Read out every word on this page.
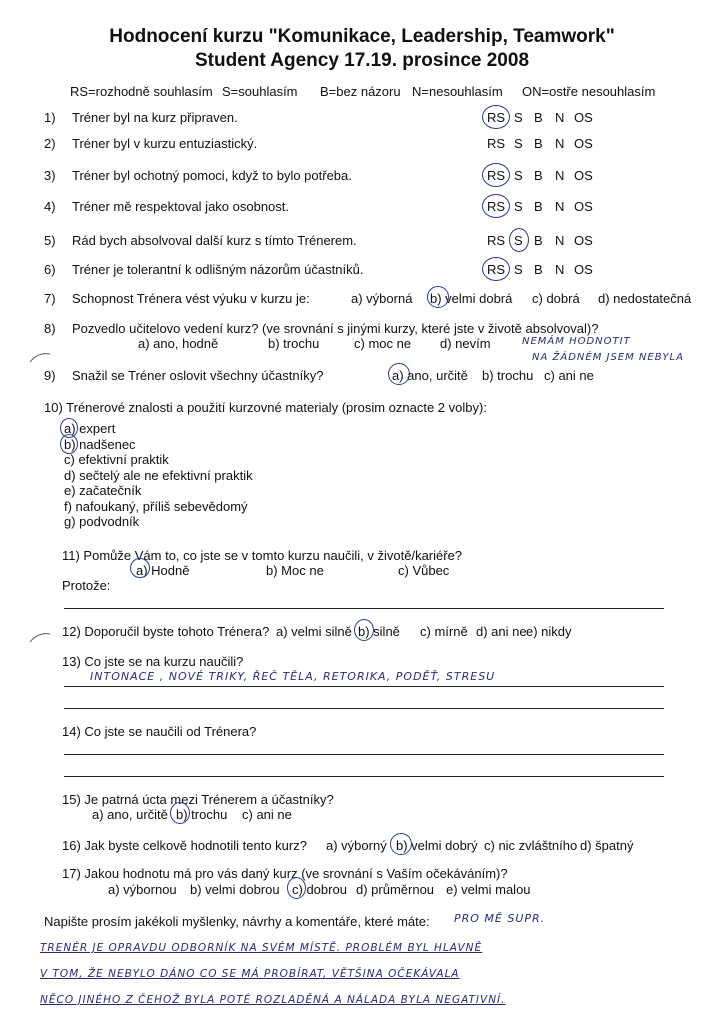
Hodnocení kurzu "Komunikace, Leadership, Teamwork"
Student Agency 17.19. prosince 2008
RS=rozhodně souhlasím S=souhlasím B=bez názoru N=nesouhlasím ON=ostře nesouhlasím
1) Tréner byl na kurz připraven.	RS S B N OS
2) Tréner byl v kurzu entuziastický.	RS S B N OS
3) Tréner byl ochotný pomoci, když to bylo potřeba.	RS S B N OS
4) Tréner mě respektoval jako osobnost.	RS S B N OS
5) Rád bych absolvoval další kurz s tímto Trénerem.	RS S B N OS
6) Tréner je tolerantní k odlišným názorům účastníků.	RS S B N OS
7) Schopnost Trénera vést výuku v kurzu je:	a) výborná b) velmi dobrá c) dobrá d) nedostatečná
8) Pozvedlo učitelovo vedení kurz? (ve srovnání s jinými kurzy, které jste v životě absolvoval)?
a) ano, hodně	b) trochu	c) moc ne d) nevím	NEMÁM HODNOTIT
NA ŽÁDNÉM JSEM NEBYLA
9) Snažil se Tréner oslovit všechny účastníky?	a) ano, určitě b) trochu c) ani ne
10) Trénerové znalosti a použití kurzovné materialy (prosim oznacte 2 volby):
a) expert
b) nadšenec
c) efektivní praktik
d) sečtelý ale ne efektivní praktik
e) začatečník
f) nafoukaný, příliš sebevědomý
g) podvodník
11) Pomůže Vám to, co jste se v tomto kurzu naučili, v životě/kariéře?
a) Hodně	b) Moc ne	c) Vůbec
Protože:
12) Doporučil byste tohoto Trénera? a) velmi silně b) silně c) mírně d) ani ne e) nikdy
13) Co jste se na kurzu naučili?
INTONACE , NOVÉ TRIKY, ŘEČ TĚLA, RETORIKA, PODĚŤ, STRESU
14) Co jste se naučili od Trénera?
15) Je patrná úcta mezi Trénerem a účastníky?
a) ano, určitě b) trochu c) ani ne
16) Jak byste celkově hodnotili tento kurz? a) výborný b) velmi dobrý c) nic zvláštního d) špatný
17) Jakou hodnotu má pro vás daný kurz (ve srovnání s Vaším očekáváním)?
a) výbornou b) velmi dobrou c) dobrou d) průměrnou e) velmi malou
Napište prosím jakékoli myšlenky, návrhy a komentáře, které máte: PRO MĚ SUPR.
TRENÉR JE OPRAVDU ODBORNÍK NA SVÉM MÍSTĚ. PROBLÉM BYL HLAVNĚ
V TOM, ŽE NEBYLO DÁNO CO SE MÁ PROBÍRAT, VĚTŠINA OČEKÁVALA
NĚCO JINÉHO Z ČEHOŽ BYLA POTÉ ROZLADĚNÁ A NÁLADA BYLA NEGATIVNÍ.
